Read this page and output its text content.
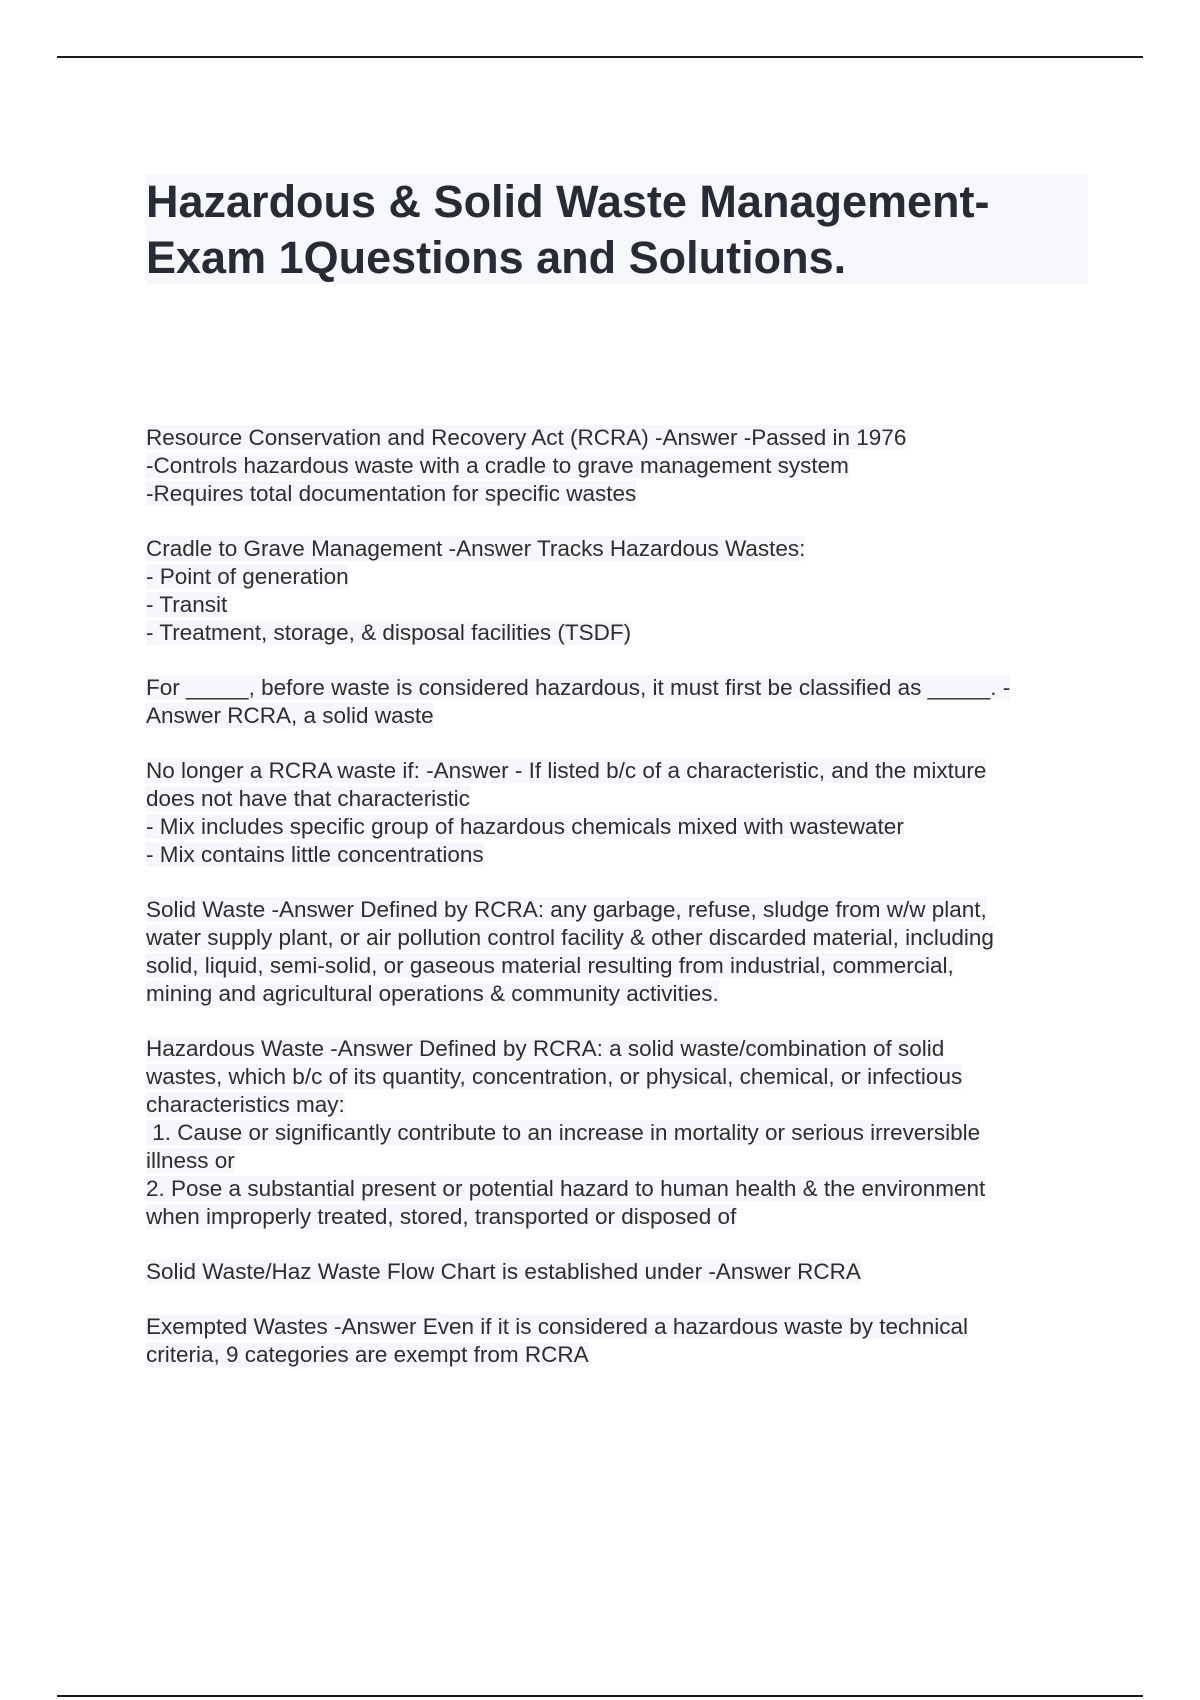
Hazardous & Solid Waste Management-
Exam 1Questions and Solutions.

Resource Conservation and Recovery Act (RCRA) -Answer -Passed in 1976
-Controls hazardous waste with a cradle to grave management system
-Requires total documentation for specific wastes

Cradle to Grave Management -Answer Tracks Hazardous Wastes:
- Point of generation
- Transit
- Treatment, storage, & disposal facilities (TSDF)

For _____, before waste is considered hazardous, it must first be classified as _____. -
Answer RCRA, a solid waste

No longer a RCRA waste if: -Answer - If listed b/c of a characteristic, and the mixture
does not have that characteristic
- Mix includes specific group of hazardous chemicals mixed with wastewater
- Mix contains little concentrations

Solid Waste -Answer Defined by RCRA: any garbage, refuse, sludge from w/w plant,
water supply plant, or air pollution control facility & other discarded material, including
solid, liquid, semi-solid, or gaseous material resulting from industrial, commercial,
mining and agricultural operations & community activities.

Hazardous Waste -Answer Defined by RCRA: a solid waste/combination of solid
wastes, which b/c of its quantity, concentration, or physical, chemical, or infectious
characteristics may:
1. Cause or significantly contribute to an increase in mortality or serious irreversible
illness or
2. Pose a substantial present or potential hazard to human health & the environment
when improperly treated, stored, transported or disposed of

Solid Waste/Haz Waste Flow Chart is established under -Answer RCRA

Exempted Wastes -Answer Even if it is considered a hazardous waste by technical
criteria, 9 categories are exempt from RCRA
